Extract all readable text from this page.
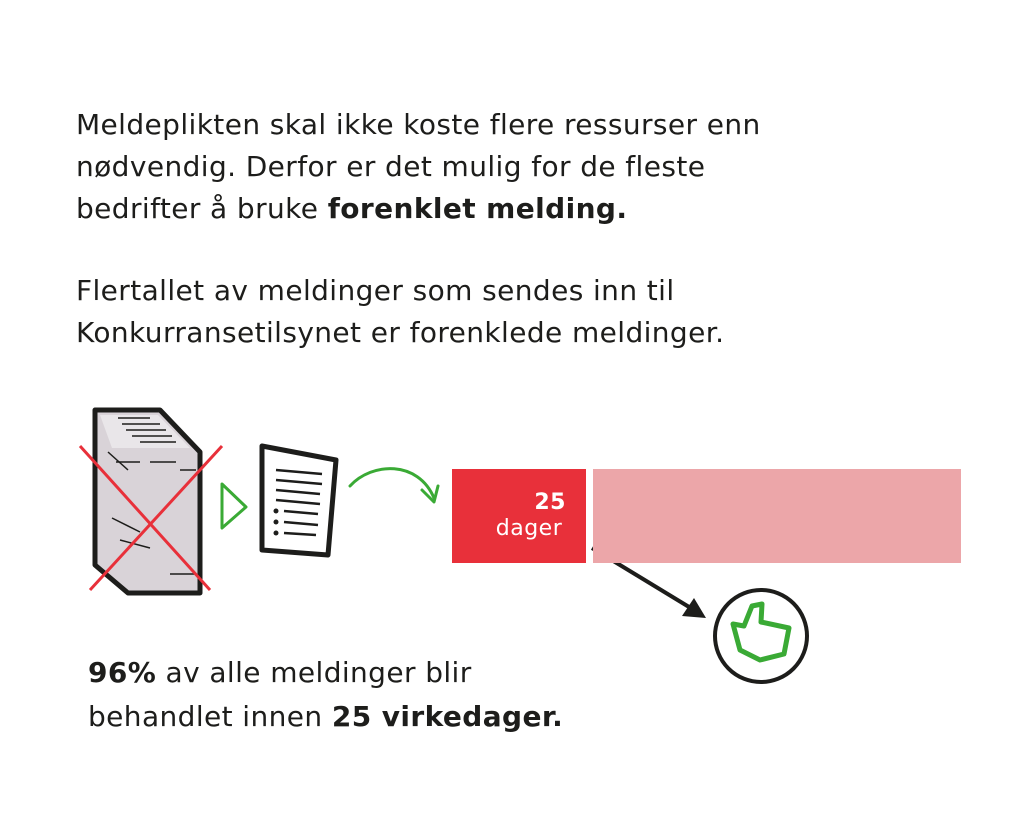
Meldeplikten skal ikke koste flere ressurser enn
nødvendig. Derfor er det mulig for de fleste
bedrifter å bruke forenklet melding.

Flertallet av meldinger som sendes inn til
Konkurransetilsynet er forenklede meldinger.

25
dager

96% av alle meldinger blir
behandlet innen 25 virkedager.
